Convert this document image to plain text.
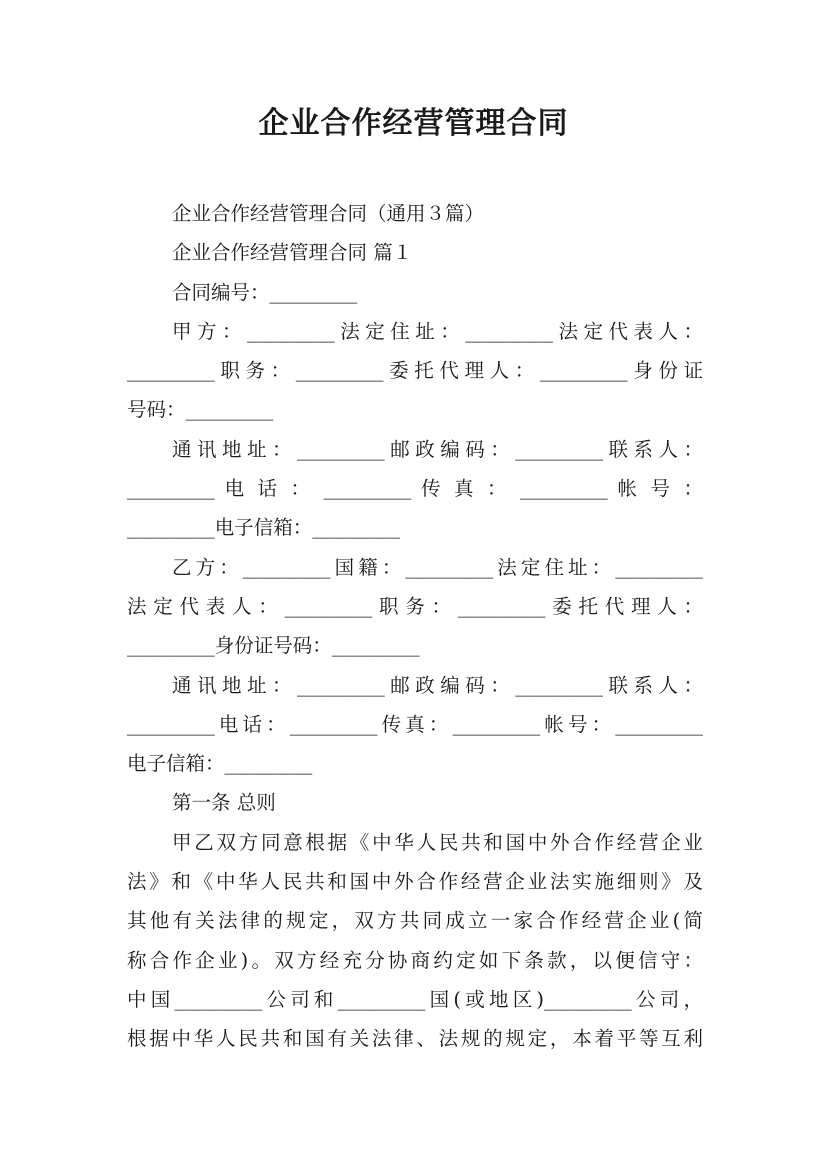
企业合作经营管理合同
企业合作经营管理合同（通用３篇）
企业合作经营管理合同 篇１
合同编号：_________
甲方：_________法定住址：_________法定代表人：
_________职务：_________委托代理人：_________身份证
号码：_________
通讯地址：_________邮政编码：_________联系人：
_________ 电 话 ： _________ 传 真 ： _________ 帐 号 ：
_________电子信箱：_________
乙方：_________国籍：_________法定住址：_________
法定代表人：_________职务：_________委托代理人：
_________身份证号码：_________
通讯地址：_________邮政编码：_________联系人：
_________电话：_________传真：_________帐号：_________
电子信箱：_________
第一条 总则
甲乙双方同意根据《中华人民共和国中外合作经营企业
法》和《中华人民共和国中外合作经营企业法实施细则》及
其他有关法律的规定，双方共同成立一家合作经营企业(简
称合作企业)。双方经充分协商约定如下条款，以便信守：
中国_________公司和_________国(或地区)_________公司，
根据中华人民共和国有关法律、法规的规定，本着平等互利
